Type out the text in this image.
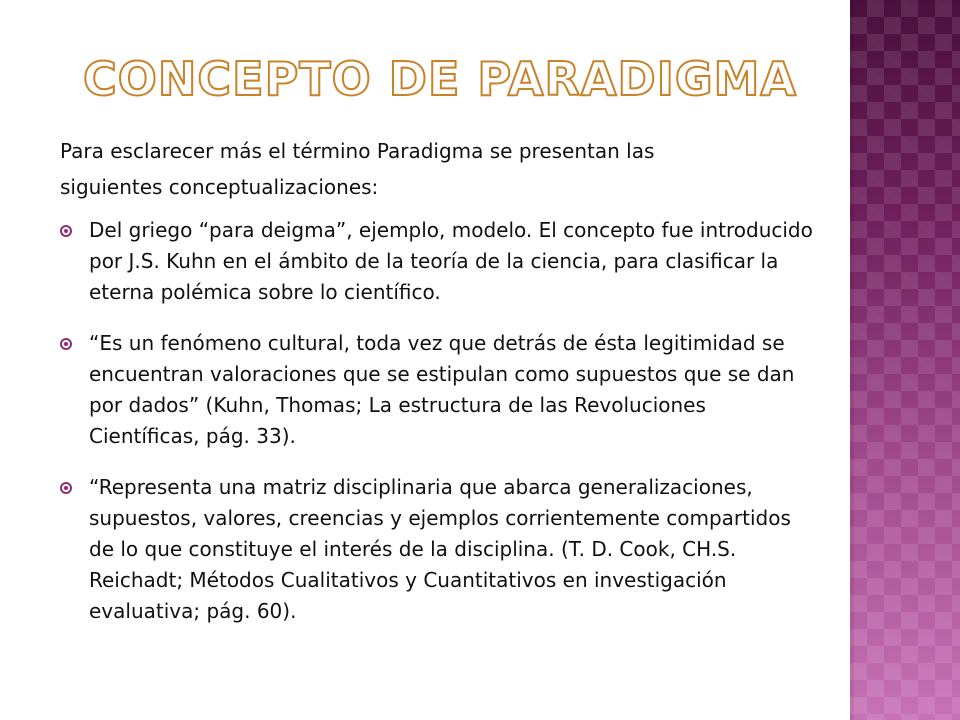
CONCEPTO DE PARADIGMA

Para esclarecer más el término Paradigma se presentan las
siguientes conceptualizaciones:

Del griego “para deigma”, ejemplo, modelo. El concepto fue introducido por J.S. Kuhn en el ámbito de la teoría de la ciencia, para clasificar la eterna polémica sobre lo científico.
“Es un fenómeno cultural, toda vez que detrás de ésta legitimidad se encuentran valoraciones que se estipulan como supuestos que se dan por dados” (Kuhn, Thomas; La estructura de las Revoluciones Científicas, pág. 33).
“Representa una matriz disciplinaria que abarca generalizaciones, supuestos, valores, creencias y ejemplos corrientemente compartidos de lo que constituye el interés de la disciplina. (T. D. Cook, CH.S. Reichadt; Métodos Cualitativos y Cuantitativos en investigación evaluativa; pág. 60).
